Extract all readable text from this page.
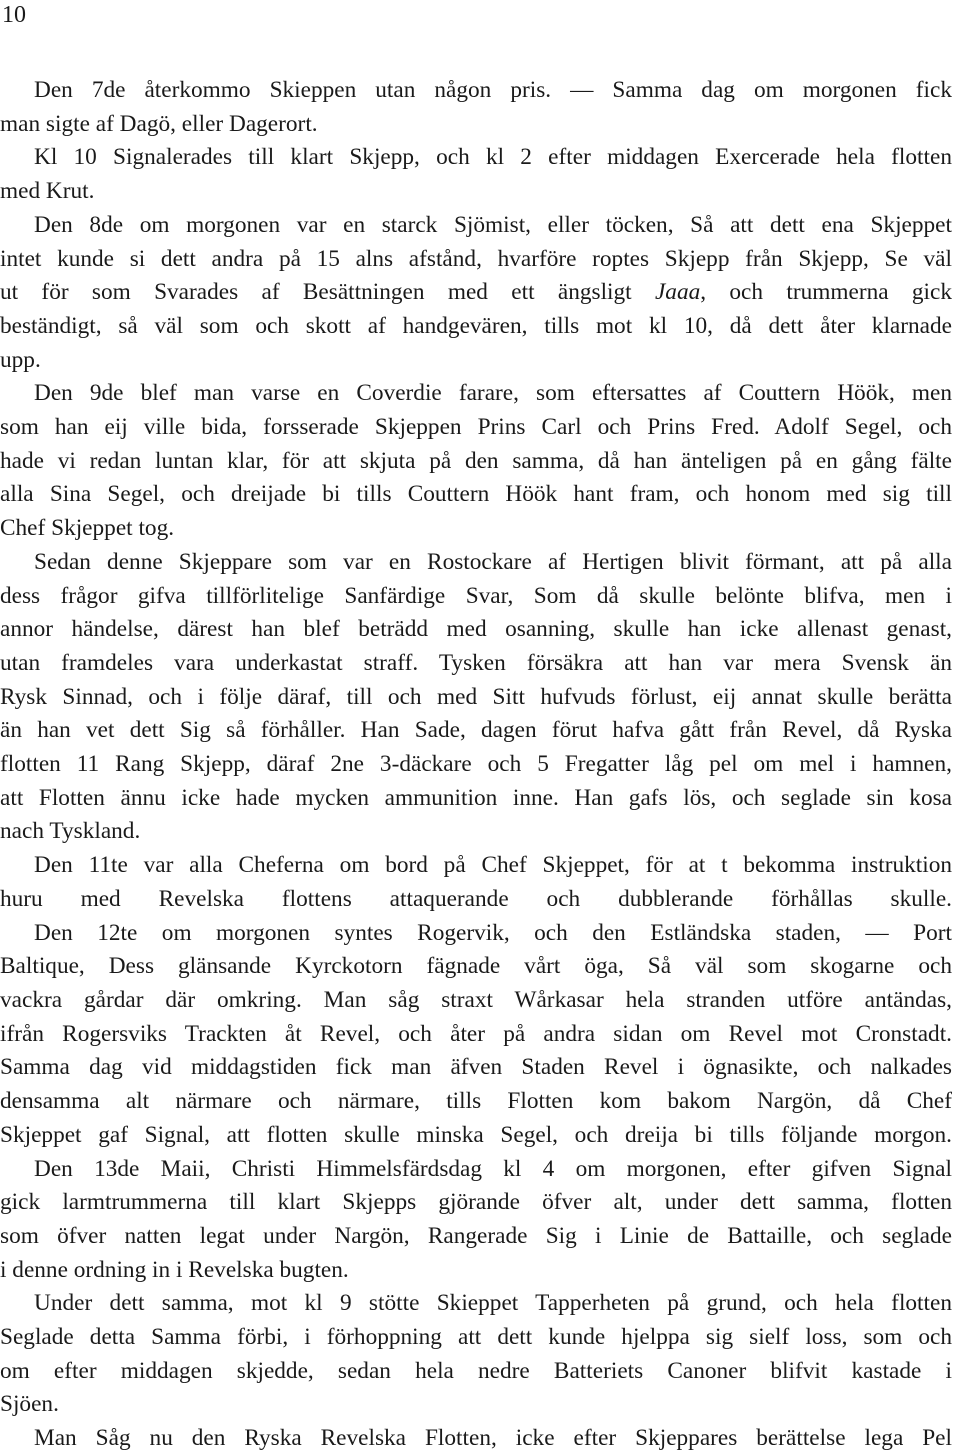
10
Den 7de återkommo Skieppen utan någon pris. — Samma dag om morgonen fick
man sigte af Dagö, eller Dagerort.
Kl 10 Signalerades till klart Skjepp, och kl 2 efter middagen Exercerade hela flotten
med Krut.
Den 8de om morgonen var en starck Sjömist, eller töcken, Så att dett ena Skjeppet
intet kunde si dett andra på 15 alns afstånd, hvarföre roptes Skjepp från Skjepp, Se väl
ut för som Svarades af Besättningen med ett ängsligt Jaaa, och trummerna gick
beständigt, så väl som och skott af handgevären, tills mot kl 10, då dett åter klarnade
upp.
Den 9de blef man varse en Coverdie farare, som eftersattes af Couttern Höök, men
som han eij ville bida, forsserade Skjeppen Prins Carl och Prins Fred. Adolf Segel, och
hade vi redan luntan klar, för att skjuta på den samma, då han änteligen på en gång fälte
alla Sina Segel, och dreijade bi tills Couttern Höök hant fram, och honom med sig till
Chef Skjeppet tog.
Sedan denne Skjeppare som var en Rostockare af Hertigen blivit förmant, att på alla
dess frågor gifva tillförlitelige Sanfärdige Svar, Som då skulle belönte blifva, men i
annor händelse, därest han blef beträdd med osanning, skulle han icke allenast genast,
utan framdeles vara underkastat straff. Tysken försäkra att han var mera Svensk än
Rysk Sinnad, och i följe däraf, till och med Sitt hufvuds förlust, eij annat skulle berätta
än han vet dett Sig så förhåller. Han Sade, dagen förut hafva gått från Revel, då Ryska
flotten 11 Rang Skjepp, däraf 2ne 3-däckare och 5 Fregatter låg pel om mel i hamnen,
att Flotten ännu icke hade mycken ammunition inne. Han gafs lös, och seglade sin kosa
nach Tyskland.
Den 11te var alla Cheferna om bord på Chef Skjeppet, för at t bekomma instruktion
huru med Revelska flottens attaquerande och dubblerande förhållas skulle.
Den 12te om morgonen syntes Rogervik, och den Estländska staden, — Port
Baltique, Dess glänsande Kyrckotorn fägnade vårt öga, Så väl som skogarne och
vackra gårdar där omkring. Man såg straxt Wårkasar hela stranden utföre antändas,
ifrån Rogersviks Trackten åt Revel, och åter på andra sidan om Revel mot Cronstadt.
Samma dag vid middagstiden fick man äfven Staden Revel i ögnasikte, och nalkades
densamma alt närmare och närmare, tills Flotten kom bakom Nargön, då Chef
Skjeppet gaf Signal, att flotten skulle minska Segel, och dreija bi tills följande morgon.
Den 13de Maii, Christi Himmelsfärdsdag kl 4 om morgonen, efter gifven Signal
gick larmtrummerna till klart Skjepps gjörande öfver alt, under dett samma, flotten
som öfver natten legat under Nargön, Rangerade Sig i Linie de Battaille, och seglade
i denne ordning in i Revelska bugten.
Under dett samma, mot kl 9 stötte Skieppet Tapperheten på grund, och hela flotten
Seglade detta Samma förbi, i förhoppning att dett kunde hjelppa sig sielf loss, som och
om efter middagen skjedde, sedan hela nedre Batteriets Canoner blifvit kastade i
Sjöen.
Man Såg nu den Ryska Revelska Flotten, icke efter Skjeppares berättelse lega Pel
